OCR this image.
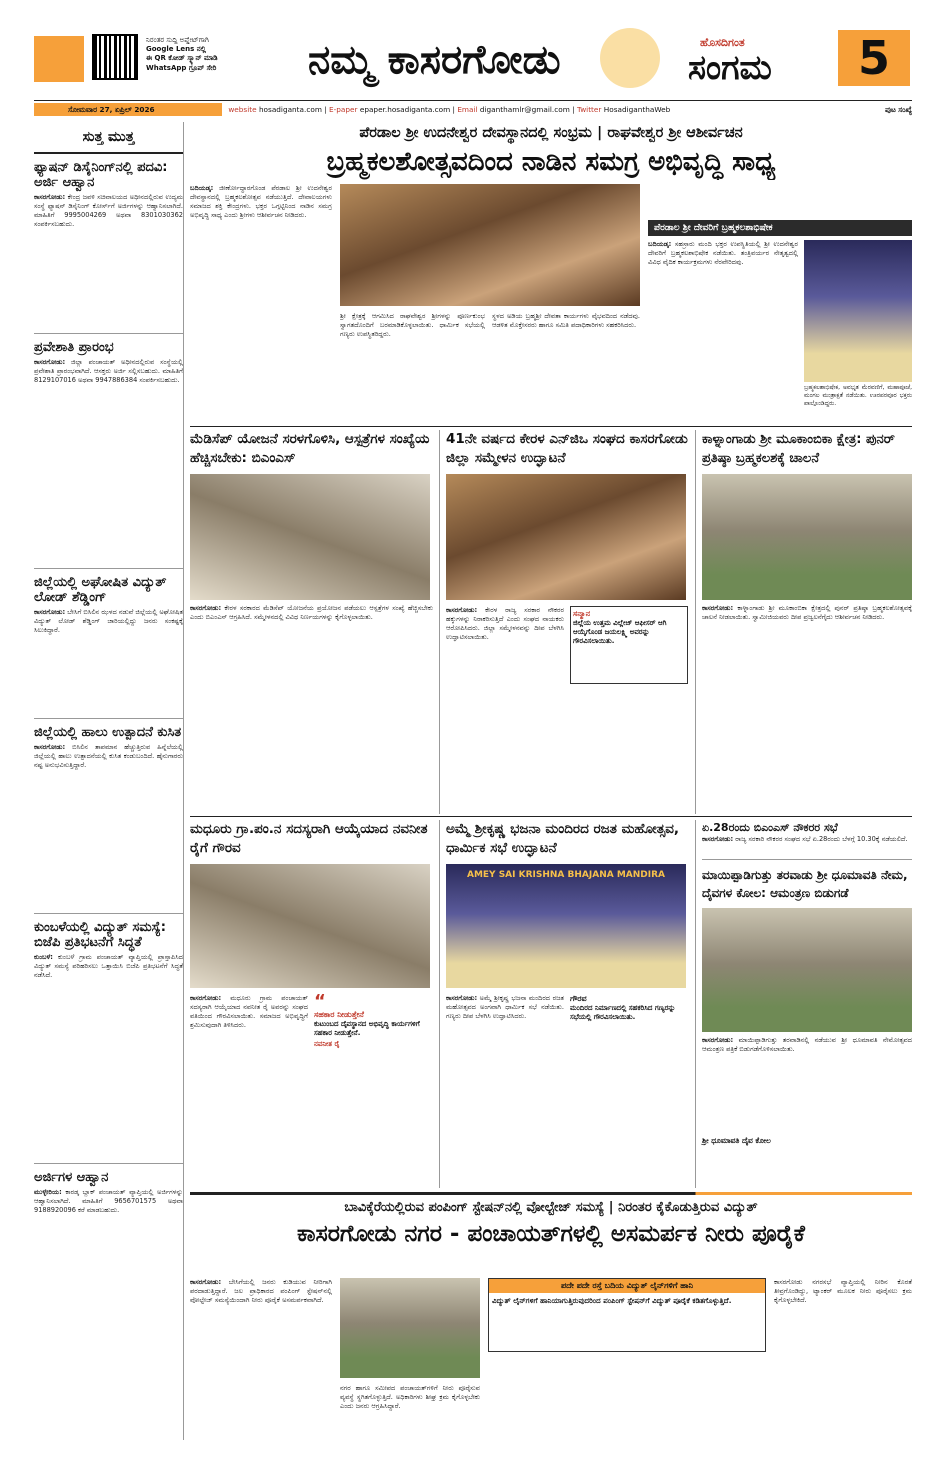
ನಿರಂತರ ಸುದ್ದಿ ಅಪ್ಡೇಟ್‌ಗಾಗಿ
Google Lens ನಲ್ಲಿ
ಈ QR ಕೋಡ್ ಸ್ಕ್ಯಾನ್ ಮಾಡಿ
WhatsApp ಗ್ರೂಪ್ ಸೇರಿ	ನಮ್ಮ ಕಾಸರಗೋಡು	ಹೊಸದಿಗಂತ
ಸಂಗಮ	5
ಸೋಮವಾರ 27, ಏಪ್ರಿಲ್ 2026	website hosadiganta.com | E-paper epaper.hosadiganta.com | Email diganthamlr@gmail.com | Twitter HosadiganthaWeb	ಪುಟ ಸಂಖ್ಯೆ
ಸುತ್ತ ಮುತ್ತ
ಫ್ಯಾಷನ್ ಡಿಸೈನಿಂಗ್‌ನಲ್ಲಿ ಪದವಿ: ಅರ್ಜಿ ಆಹ್ವಾನ
ಕಾಸರಗೋಡು: ಕೇಂದ್ರ ಜವಳಿ ಸಚಿವಾಲಯದ ಅಧೀನದಲ್ಲಿರುವ ಉದ್ಯಮ ಸಂಸ್ಥೆ ಫ್ಯಾಷನ್ ಡಿಸೈನಿಂಗ್ ಕೋರ್ಸ್‌ಗೆ ಅರ್ಜಿಗಳನ್ನು ಆಹ್ವಾನಿಸಲಾಗಿದೆ. ಮಾಹಿತಿಗೆ 9995004269 ಅಥವಾ 8301030362 ಸಂಪರ್ಕಿಸಬಹುದು.
ಪ್ರವೇಶಾತಿ ಪ್ರಾರಂಭ
ಕಾಸರಗೋಡು: ಜಿಲ್ಲಾ ಪಂಚಾಯತ್ ಅಧೀನದಲ್ಲಿರುವ ಸಂಸ್ಥೆಯಲ್ಲಿ ಪ್ರವೇಶಾತಿ ಪ್ರಾರಂಭವಾಗಿದೆ. ಆಸಕ್ತರು ಅರ್ಜಿ ಸಲ್ಲಿಸಬಹುದು. ಮಾಹಿತಿಗೆ 8129107016 ಅಥವಾ 9947886384 ಸಂಪರ್ಕಿಸಬಹುದು.
ಜಿಲ್ಲೆಯಲ್ಲಿ ಅಘೋಷಿತ ವಿದ್ಯುತ್ ಲೋಡ್ ಶೆಡ್ಡಿಂಗ್
ಕಾಸರಗೋಡು: ಬೇಸಿಗೆ ಬಿಸಿಲಿನ ಝಳದ ನಡುವೆ ಜಿಲ್ಲೆಯಲ್ಲಿ ಅಘೋಷಿತ ವಿದ್ಯುತ್ ಲೋಡ್ ಶೆಡ್ಡಿಂಗ್ ಜಾರಿಯಲ್ಲಿದ್ದು ಜನರು ಸಂಕಷ್ಟಕ್ಕೆ ಸಿಲುಕಿದ್ದಾರೆ.
ಜಿಲ್ಲೆಯಲ್ಲಿ ಹಾಲು ಉತ್ಪಾದನೆ ಕುಸಿತ
ಕಾಸರಗೋಡು: ಬಿಸಿಲಿನ ತಾಪಮಾನ ಹೆಚ್ಚುತ್ತಿರುವ ಹಿನ್ನೆಲೆಯಲ್ಲಿ ಜಿಲ್ಲೆಯಲ್ಲಿ ಹಾಲು ಉತ್ಪಾದನೆಯಲ್ಲಿ ಕುಸಿತ ಕಂಡುಬಂದಿದೆ. ಹೈನುಗಾರರು ನಷ್ಟ ಅನುಭವಿಸುತ್ತಿದ್ದಾರೆ.
ಕುಂಬಳೆಯಲ್ಲಿ ವಿದ್ಯುತ್ ಸಮಸ್ಯೆ: ಬಿಜೆಪಿ ಪ್ರತಿಭಟನೆಗೆ ಸಿದ್ಧತೆ
ಕುಂಬಳೆ: ಕುಂಬಳೆ ಗ್ರಾಮ ಪಂಚಾಯತ್ ವ್ಯಾಪ್ತಿಯಲ್ಲಿ ಪ್ರಾಸ್ತಾಪಿಸಿದ ವಿದ್ಯುತ್ ಸಮಸ್ಯೆ ಪರಿಹರಿಸಲು ಒತ್ತಾಯಿಸಿ ಬಿಜೆಪಿ ಪ್ರತಿಭಟನೆಗೆ ಸಿದ್ಧತೆ ನಡೆಸಿದೆ.
ಅರ್ಜಿಗಳ ಆಹ್ವಾನ
ಮುಳ್ಳೇರಿಯ: ಕಾರಡ್ಕ ಬ್ಲಾಕ್ ಪಂಚಾಯತ್ ವ್ಯಾಪ್ತಿಯಲ್ಲಿ ಅರ್ಜಿಗಳನ್ನು ಆಹ್ವಾನಿಸಲಾಗಿದೆ. ಮಾಹಿತಿಗೆ 9656701575 ಅಥವಾ 9188920096 ಕರೆ ಮಾಡಬಹುದು.
ಪೆರಡಾಲ ಶ್ರೀ ಉದನೇಶ್ವರ ದೇವಸ್ಥಾನದಲ್ಲಿ ಸಂಭ್ರಮ | ರಾಘವೇಶ್ವರ ಶ್ರೀ ಆಶೀರ್ವಚನ
ಬ್ರಹ್ಮಕಲಶೋತ್ಸವದಿಂದ ನಾಡಿನ ಸಮಗ್ರ ಅಭಿವೃದ್ಧಿ ಸಾಧ್ಯ
ಬದಿಯಡ್ಕ: ಜೀರ್ಣೋದ್ಧಾರಗೊಂಡ ಪೆರಡಾಲ ಶ್ರೀ ಉದನೇಶ್ವರ ದೇವಸ್ಥಾನದಲ್ಲಿ ಬ್ರಹ್ಮಕಲಶೋತ್ಸವ ನಡೆಯುತ್ತಿದೆ. ದೇವಾಲಯಗಳು ಸಮಾಜದ ಶಕ್ತಿ ಕೇಂದ್ರಗಳು. ಭಕ್ತರ ಒಗ್ಗಟ್ಟಿನಿಂದ ನಾಡಿನ ಸಮಗ್ರ ಅಭಿವೃದ್ಧಿ ಸಾಧ್ಯ ಎಂದು ಶ್ರೀಗಳು ಆಶೀರ್ವಚನ ನೀಡಿದರು.
ಶ್ರೀ ಕ್ಷೇತ್ರಕ್ಕೆ ಆಗಮಿಸಿದ ರಾಘವೇಶ್ವರ ಶ್ರೀಗಳನ್ನು ಪೂರ್ಣಕುಂಭ ಸ್ವಾಗತದೊಂದಿಗೆ ಬರಮಾಡಿಕೊಳ್ಳಲಾಯಿತು. ಧಾರ್ಮಿಕ ಸಭೆಯಲ್ಲಿ ಗಣ್ಯರು ಉಪಸ್ಥಿತರಿದ್ದರು.
ಸ್ಥಳದ ಅಡಿಯ ಬ್ರಹ್ಮಶ್ರೀ ದೇವತಾ ಕಾರ್ಯಗಳು ವೈಭವದಿಂದ ನಡೆದವು. ಆಡಳಿತ ಮೊಕ್ತೇಸರರು ಹಾಗೂ ಸಮಿತಿ ಪದಾಧಿಕಾರಿಗಳು ಸಹಕರಿಸಿದರು.
ಪೆರಡಾಲ ಶ್ರೀ ದೇವರಿಗೆ ಬ್ರಹ್ಮಕಲಶಾಭಿಷೇಕ
ಬದಿಯಡ್ಕ: ಸಹಸ್ರಾರು ಮಂದಿ ಭಕ್ತರ ಉಪಸ್ಥಿತಿಯಲ್ಲಿ ಶ್ರೀ ಉದನೇಶ್ವರ ದೇವರಿಗೆ ಬ್ರಹ್ಮಕಲಶಾಭಿಷೇಕ ನಡೆಯಿತು. ತಂತ್ರಿವರ್ಯರ ನೇತೃತ್ವದಲ್ಲಿ ವಿವಿಧ ವೈದಿಕ ಕಾರ್ಯಕ್ರಮಗಳು ನೆರವೇರಿದವು.
ಬ್ರಹ್ಮಕಲಶಾಭಿಷೇಕ, ಅವಭೃತ ಮೆರವಣಿಗೆ, ಮಹಾಪೂಜೆ, ಮಂಗಲ ಮಂತ್ರಾಕ್ಷತೆ ನಡೆಯಿತು. ಊರಪರವೂರ ಭಕ್ತರು ಪಾಲ್ಗೊಂಡಿದ್ದರು.
ಮೆಡಿಸೆಪ್ ಯೋಜನೆ ಸರಳಗೊಳಿಸಿ, ಆಸ್ಪತ್ರೆಗಳ ಸಂಖ್ಯೆಯ ಹೆಚ್ಚಿಸಬೇಕು: ಬಿಎಂಎಸ್
ಕಾಸರಗೋಡು: ಕೇರಳ ಸರಕಾರದ ಮೆಡಿಸೆಪ್ ಯೋಜನೆಯ ಪ್ರಯೋಜನ ಪಡೆಯಲು ಆಸ್ಪತ್ರೆಗಳ ಸಂಖ್ಯೆ ಹೆಚ್ಚಿಸಬೇಕು ಎಂದು ಬಿಎಂಎಸ್ ಆಗ್ರಹಿಸಿದೆ. ಸಮ್ಮೇಳನದಲ್ಲಿ ವಿವಿಧ ನಿರ್ಣಯಗಳನ್ನು ಕೈಗೊಳ್ಳಲಾಯಿತು.
41ನೇ ವರ್ಷದ ಕೇರಳ ಎನ್‌ಜಿಒ ಸಂಘದ ಕಾಸರಗೋಡು ಜಿಲ್ಲಾ ಸಮ್ಮೇಳನ ಉದ್ಘಾಟನೆ
ಕಾಸರಗೋಡು: ಕೇರಳ ರಾಜ್ಯ ಸರಕಾರ ನೌಕರರ ಹಕ್ಕುಗಳನ್ನು ನಿರಾಕರಿಸುತ್ತಿದೆ ಎಂದು ಸಂಘದ ನಾಯಕರು ಆರೋಪಿಸಿದರು. ಜಿಲ್ಲಾ ಸಮ್ಮೇಳನವನ್ನು ದೀಪ ಬೆಳಗಿಸಿ ಉದ್ಘಾಟಿಸಲಾಯಿತು.
ಸನ್ಮಾನ
ಜಿಲ್ಲೆಯ ಉತ್ತಮ ವಿಲ್ಲೇಜ್ ಆಫೀಸರ್ ಆಗಿ ಆಯ್ಕೆಗೊಂಡ ಜಯಲಕ್ಷ್ಮಿ ಅವರನ್ನು ಗೌರವಿಸಲಾಯಿತು.
ಕಾಳ್ನಾಂಗಾಡು ಶ್ರೀ ಮೂಕಾಂಬಿಕಾ ಕ್ಷೇತ್ರ: ಪುನರ್ ಪ್ರತಿಷ್ಠಾ ಬ್ರಹ್ಮಕಲಶಕ್ಕೆ ಚಾಲನೆ
ಕಾಸರಗೋಡು: ಕಾಳ್ನಾಂಗಾಡು ಶ್ರೀ ಮೂಕಾಂಬಿಕಾ ಕ್ಷೇತ್ರದಲ್ಲಿ ಪುನರ್ ಪ್ರತಿಷ್ಠಾ ಬ್ರಹ್ಮಕಲಶೋತ್ಸವಕ್ಕೆ ಚಾಲನೆ ನೀಡಲಾಯಿತು. ಸ್ವಾಮೀಜಿಯವರು ದೀಪ ಪ್ರಜ್ವಲನೆಗೈದು ಆಶೀರ್ವಚನ ನೀಡಿದರು.
ಮಧೂರು ಗ್ರಾ.ಪಂ.ನ ಸದಸ್ಯರಾಗಿ ಆಯ್ಕೆಯಾದ ನವನೀತ ರೈಗೆ ಗೌರವ
ಕಾಸರಗೋಡು: ಮಧೂರು ಗ್ರಾಮ ಪಂಚಾಯತ್ ಸದಸ್ಯರಾಗಿ ಆಯ್ಕೆಯಾದ ನವನೀತ ರೈ ಅವರನ್ನು ಸಂಘದ ವತಿಯಿಂದ ಗೌರವಿಸಲಾಯಿತು. ಸಮಾಜದ ಅಭಿವೃದ್ಧಿಗೆ ಶ್ರಮಿಸುವುದಾಗಿ ತಿಳಿಸಿದರು.
“
ಸಹಕಾರ ನೀಡುತ್ತೇನೆ
ಕುಟುಂಬದ ದೈವಸ್ಥಾನದ ಅಭಿವೃದ್ಧಿ ಕಾರ್ಯಗಳಿಗೆ ಸಹಕಾರ ನೀಡುತ್ತೇನೆ.
ನವನೀತ ರೈ
ಅಮ್ಮೆ ಶ್ರೀಕೃಷ್ಣ ಭಜನಾ ಮಂದಿರದ ರಜತ ಮಹೋತ್ಸವ, ಧಾರ್ಮಿಕ ಸಭೆ ಉದ್ಘಾಟನೆ
AMEY SAI KRISHNA BHAJANA MANDIRA
ಕಾಸರಗೋಡು: ಅಮ್ಮೆ ಶ್ರೀಕೃಷ್ಣ ಭಜನಾ ಮಂದಿರದ ರಜತ ಮಹೋತ್ಸವದ ಅಂಗವಾಗಿ ಧಾರ್ಮಿಕ ಸಭೆ ನಡೆಯಿತು. ಗಣ್ಯರು ದೀಪ ಬೆಳಗಿಸಿ ಉದ್ಘಾಟಿಸಿದರು.
ಗೌರವ
ಮಂದಿರದ ನಿರ್ಮಾಣದಲ್ಲಿ ಸಹಕರಿಸಿದ ಗಣ್ಯರನ್ನು ಸಭೆಯಲ್ಲಿ ಗೌರವಿಸಲಾಯಿತು.
ಏ.28ರಂದು ಬಿಎಂಎಸ್ ನೌಕರರ ಸಭೆ
ಕಾಸರಗೋಡು: ರಾಜ್ಯ ಸರಕಾರಿ ನೌಕರರ ಸಂಘದ ಸಭೆ ಏ.28ರಂದು ಬೆಳಗ್ಗೆ 10.30ಕ್ಕೆ ನಡೆಯಲಿದೆ.
ಮಾಯಿಪ್ಪಾಡಿಗುತ್ತು ತರವಾಡು ಶ್ರೀ ಧೂಮಾವತಿ ನೇಮ, ದೈವಗಳ ಕೋಲ: ಆಮಂತ್ರಣ ಬಿಡುಗಡೆ
ಕಾಸರಗೋಡು: ಮಾಯಿಪ್ಪಾಡಿಗುತ್ತು ತರವಾಡಿನಲ್ಲಿ ನಡೆಯುವ ಶ್ರೀ ಧೂಮಾವತಿ ನೇಮೋತ್ಸವದ ಆಮಂತ್ರಣ ಪತ್ರಿಕೆ ಬಿಡುಗಡೆಗೊಳಿಸಲಾಯಿತು.
ಶ್ರೀ ಧೂಮಾವತಿ ದೈವ ಕೋಲ
ಬಾವಿಕ್ಕೆರೆಯಲ್ಲಿರುವ ಪಂಪಿಂಗ್ ಸ್ಟೇಷನ್‌ನಲ್ಲಿ ವೋಲ್ಟೇಜ್ ಸಮಸ್ಯೆ | ನಿರಂತರ ಕೈಕೊಡುತ್ತಿರುವ ವಿದ್ಯುತ್
ಕಾಸರಗೋಡು ನಗರ - ಪಂಚಾಯತ್‌ಗಳಲ್ಲಿ ಅಸಮರ್ಪಕ ನೀರು ಪೂರೈಕೆ
ಕಾಸರಗೋಡು: ಬೇಸಿಗೆಯಲ್ಲಿ ಜನರು ಕುಡಿಯುವ ನೀರಿಗಾಗಿ ಪರದಾಡುತ್ತಿದ್ದಾರೆ. ಜಲ ಪ್ರಾಧಿಕಾರದ ಪಂಪಿಂಗ್ ಸ್ಟೇಷನ್‌ನಲ್ಲಿ ವೋಲ್ಟೇಜ್ ಸಮಸ್ಯೆಯಿಂದಾಗಿ ನೀರು ಪೂರೈಕೆ ಅಸಮರ್ಪಕವಾಗಿದೆ.
ನಗರ ಹಾಗೂ ಸಮೀಪದ ಪಂಚಾಯತ್‌ಗಳಿಗೆ ನೀರು ಪೂರೈಸುವ ವ್ಯವಸ್ಥೆ ಸ್ಥಗಿತಗೊಳ್ಳುತ್ತಿದೆ. ಅಧಿಕಾರಿಗಳು ಶೀಘ್ರ ಕ್ರಮ ಕೈಗೊಳ್ಳಬೇಕು ಎಂದು ಜನರು ಆಗ್ರಹಿಸಿದ್ದಾರೆ.
ಪದೇ ಪದೇ ರಸ್ತೆ ಬದಿಯ ವಿದ್ಯುತ್ ಲೈನ್‌ಗಳಿಗೆ ಹಾನಿ
ವಿದ್ಯುತ್ ಲೈನ್‌ಗಳಿಗೆ ಹಾನಿಯಾಗುತ್ತಿರುವುದರಿಂದ ಪಂಪಿಂಗ್ ಸ್ಟೇಷನ್‌ಗೆ ವಿದ್ಯುತ್ ಪೂರೈಕೆ ಕಡಿತಗೊಳ್ಳುತ್ತಿದೆ.
ಕಾಸರಗೋಡು ನಗರಸಭೆ ವ್ಯಾಪ್ತಿಯಲ್ಲಿ ನೀರಿನ ಕೊರತೆ ತೀವ್ರಗೊಂಡಿದ್ದು, ಟ್ಯಾಂಕರ್ ಮೂಲಕ ನೀರು ಪೂರೈಸಲು ಕ್ರಮ ಕೈಗೊಳ್ಳಬೇಕಿದೆ.
